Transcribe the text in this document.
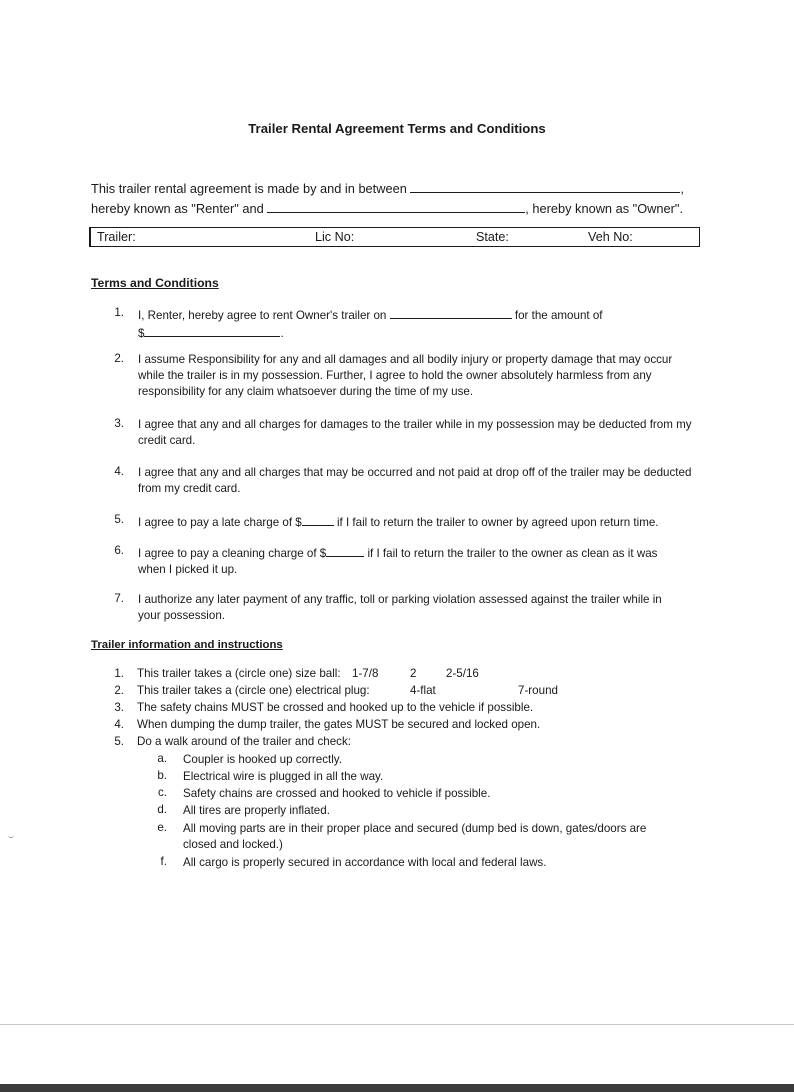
Trailer Rental Agreement Terms and Conditions
This trailer rental agreement is made by and in between	,
hereby known as "Renter" and	, hereby known as "Owner".
Trailer:	Lic No:	State:	Veh No:
Terms and Conditions
1. I, Renter, hereby agree to rent Owner's trailer on	for the amount of
$	.
2. I assume Responsibility for any and all damages and all bodily injury or property damage that may occur while the trailer is in my possession. Further, I agree to hold the owner absolutely harmless from any responsibility for any claim whatsoever during the time of my use.
3. I agree that any and all charges for damages to the trailer while in my possession may be deducted from my credit card.
4. I agree that any and all charges that may be occurred and not paid at drop off of the trailer may be deducted from my credit card.
5. I agree to pay a late charge of $	if I fail to return the trailer to owner by agreed upon return time.
6. I agree to pay a cleaning charge of $	if I fail to return the trailer to the owner as clean as it was when I picked it up.
7. I authorize any later payment of any traffic, toll or parking violation assessed against the trailer while in your possession.
Trailer information and instructions
1. This trailer takes a (circle one) size ball: 1-7/8	2	2-5/16
2. This trailer takes a (circle one) electrical plug:	4-flat	7-round
3. The safety chains MUST be crossed and hooked up to the vehicle if possible.
4. When dumping the dump trailer, the gates MUST be secured and locked open.
5. Do a walk around of the trailer and check:
a. Coupler is hooked up correctly.
b. Electrical wire is plugged in all the way.
c. Safety chains are crossed and hooked to vehicle if possible.
d. All tires are properly inflated.
e. All moving parts are in their proper place and secured (dump bed is down, gates/doors are closed and locked.)
f. All cargo is properly secured in accordance with local and federal laws.
